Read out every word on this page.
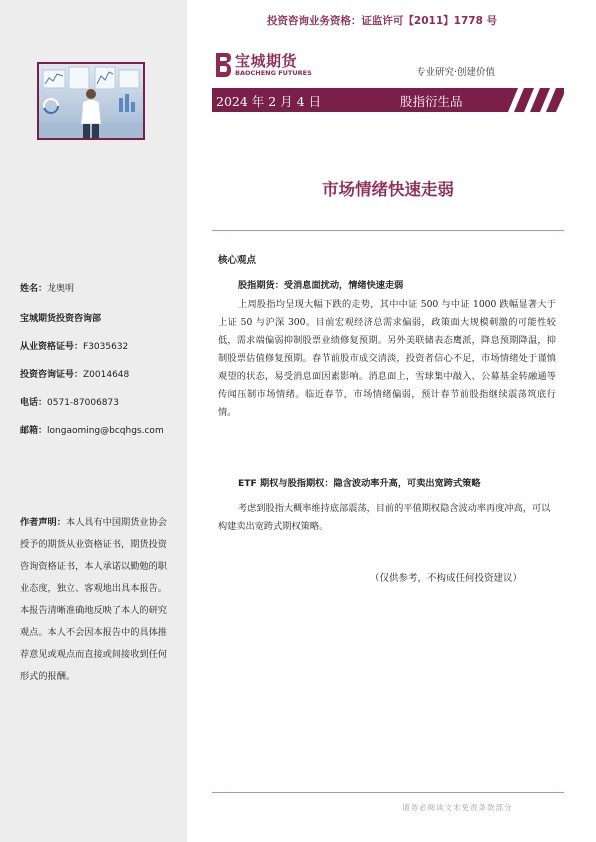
姓名：龙奥明
宝城期货投资咨询部
从业资格证号：F3035632
投资咨询证号：Z0014648
电话：0571-87006873
邮箱：longaoming@bcqhgs.com
作者声明：本人具有中国期货业协会授予的期货从业资格证书，期货投资咨询资格证书，本人承诺以勤勉的职业态度，独立、客观地出具本报告。本报告清晰准确地反映了本人的研究观点。本人不会因本报告中的具体推荐意见或观点而直接或间接收到任何形式的报酬。
投资咨询业务资格：证监许可【2011】1778 号
宝城期货
BAOCHENG FUTURES	专业研究·创建价值
2024 年 2 月 4 日	股指衍生品
市场情绪快速走弱
核心观点
股指期货：受消息面扰动，情绪快速走弱
上周股指均呈现大幅下跌的走势，其中中证 500 与中证 1000 跌幅显著大于上证 50 与沪深 300。目前宏观经济总需求偏弱，政策面大规模刺激的可能性较低，需求端偏弱抑制股票业绩修复预期。另外美联储表态鹰派，降息预期降温，抑制股票估值修复预期。春节前股市成交清淡，投资者信心不足，市场情绪处于谨慎观望的状态，易受消息面因素影响。消息面上，雪球集中敲入、公募基金转融通等传闻压制市场情绪。临近春节，市场情绪偏弱，预计春节前股指继续震荡筑底行情。
ETF 期权与股指期权：隐含波动率升高，可卖出宽跨式策略
考虑到股指大概率维持底部震荡，目前的平值期权隐含波动率再度冲高，可以构建卖出宽跨式期权策略。
（仅供参考，不构成任何投资建议）
请务必阅读文末免责条款部分
